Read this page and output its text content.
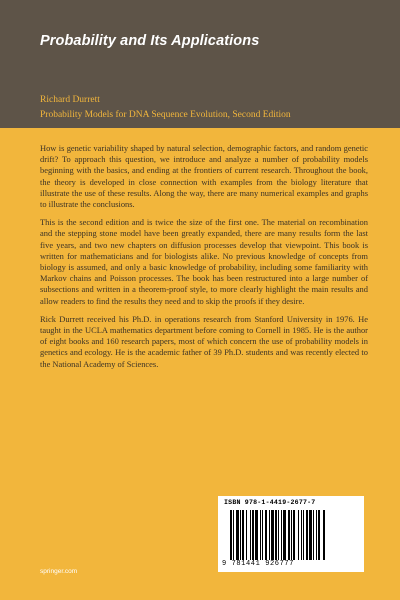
Probability and Its Applications
Richard Durrett
Probability Models for DNA Sequence Evolution, Second Edition

How is genetic variability shaped by natural selection, demographic factors, and random genetic drift? To approach this question, we introduce and analyze a number of probability models beginning with the basics, and ending at the frontiers of current research. Throughout the book, the theory is developed in close connection with examples from the biology literature that illustrate the use of these results. Along the way, there are many numerical examples and graphs to illustrate the conclusions.

This is the second edition and is twice the size of the first one. The material on recombination and the stepping stone model have been greatly expanded, there are many results form the last five years, and two new chapters on diffusion processes develop that viewpoint. This book is written for mathematicians and for biologists alike. No previous knowledge of concepts from biology is assumed, and only a basic knowledge of probability, including some familiarity with Markov chains and Poisson processes. The book has been restructured into a large number of subsections and written in a theorem-proof style, to more clearly highlight the main results and allow readers to find the results they need and to skip the proofs if they desire.

Rick Durrett received his Ph.D. in operations research from Stanford University in 1976. He taught in the UCLA mathematics department before coming to Cornell in 1985. He is the author of eight books and 160 research papers, most of which concern the use of probability models in genetics and ecology. He is the academic father of 39 Ph.D. students and was recently elected to the National Academy of Sciences.

ISBN 978-1-4419-2677-7
9 781441 926777
springer.com
